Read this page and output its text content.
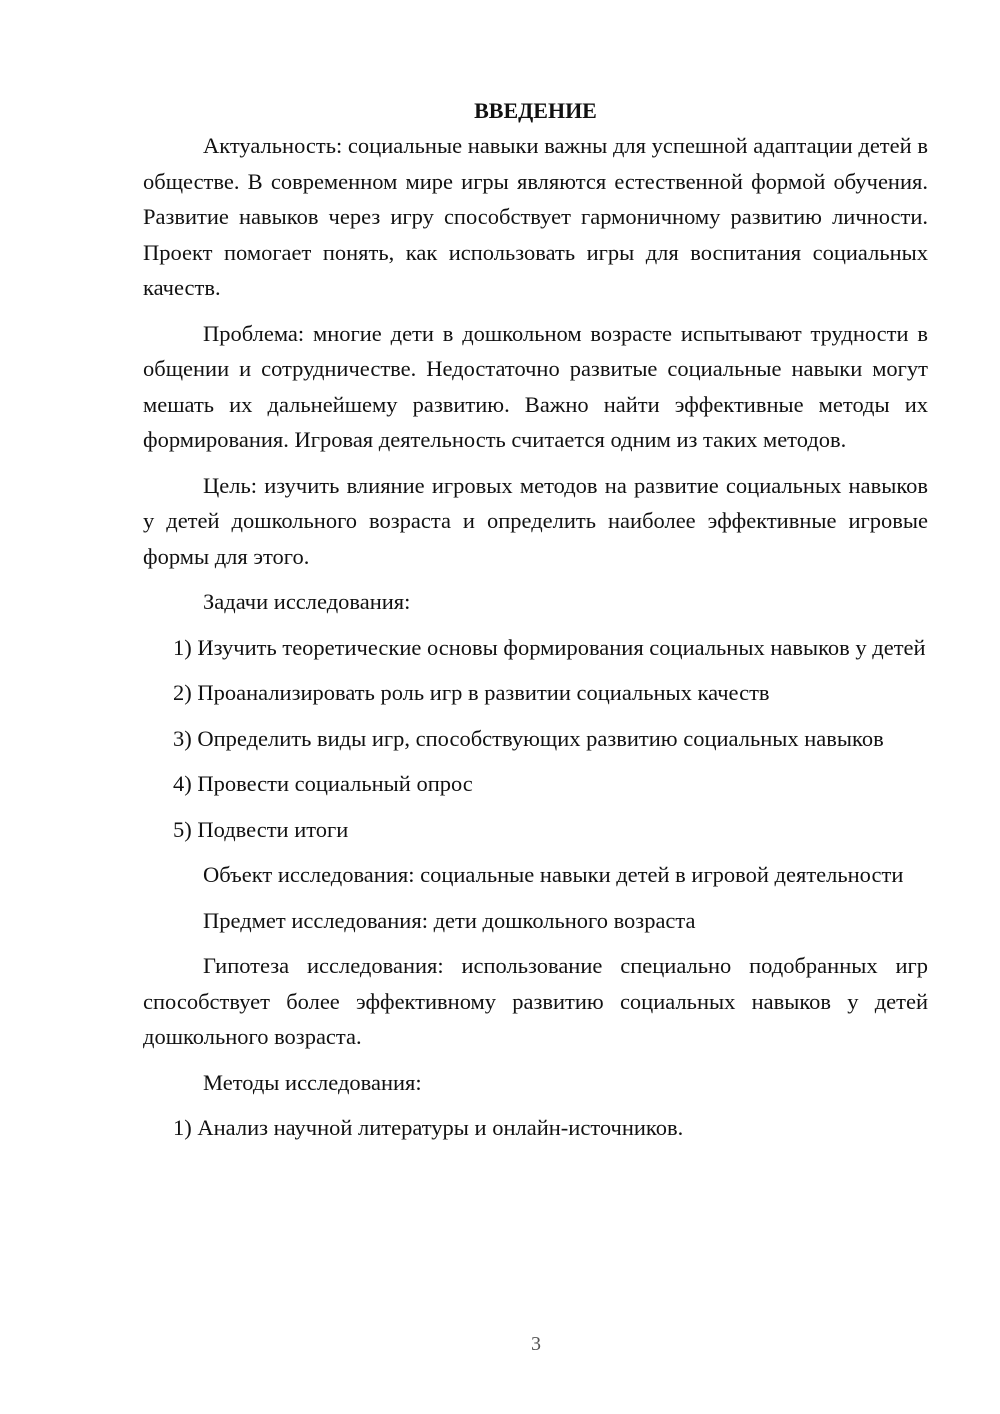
ВВЕДЕНИЕ

Актуальность: социальные навыки важны для успешной адаптации детей в обществе. В современном мире игры являются естественной формой обучения. Развитие навыков через игру способствует гармоничному развитию личности. Проект помогает понять, как использовать игры для воспитания социальных качеств.

Проблема: многие дети в дошкольном возрасте испытывают трудности в общении и сотрудничестве. Недостаточно развитые социальные навыки могут мешать их дальнейшему развитию. Важно найти эффективные методы их формирования. Игровая деятельность считается одним из таких методов.

Цель: изучить влияние игровых методов на развитие социальных навыков у детей дошкольного возраста и определить наиболее эффективные игровые формы для этого.

Задачи исследования:

1) Изучить теоретические основы формирования социальных навыков у детей

2) Проанализировать роль игр в развитии социальных качеств

3) Определить виды игр, способствующих развитию социальных навыков

4) Провести социальный опрос

5) Подвести итоги

Объект исследования: социальные навыки детей в игровой деятельности

Предмет исследования: дети дошкольного возраста

Гипотеза исследования: использование специально подобранных игр способствует более эффективному развитию социальных навыков у детей дошкольного возраста.

Методы исследования:

1) Анализ научной литературы и онлайн-источников.

3
